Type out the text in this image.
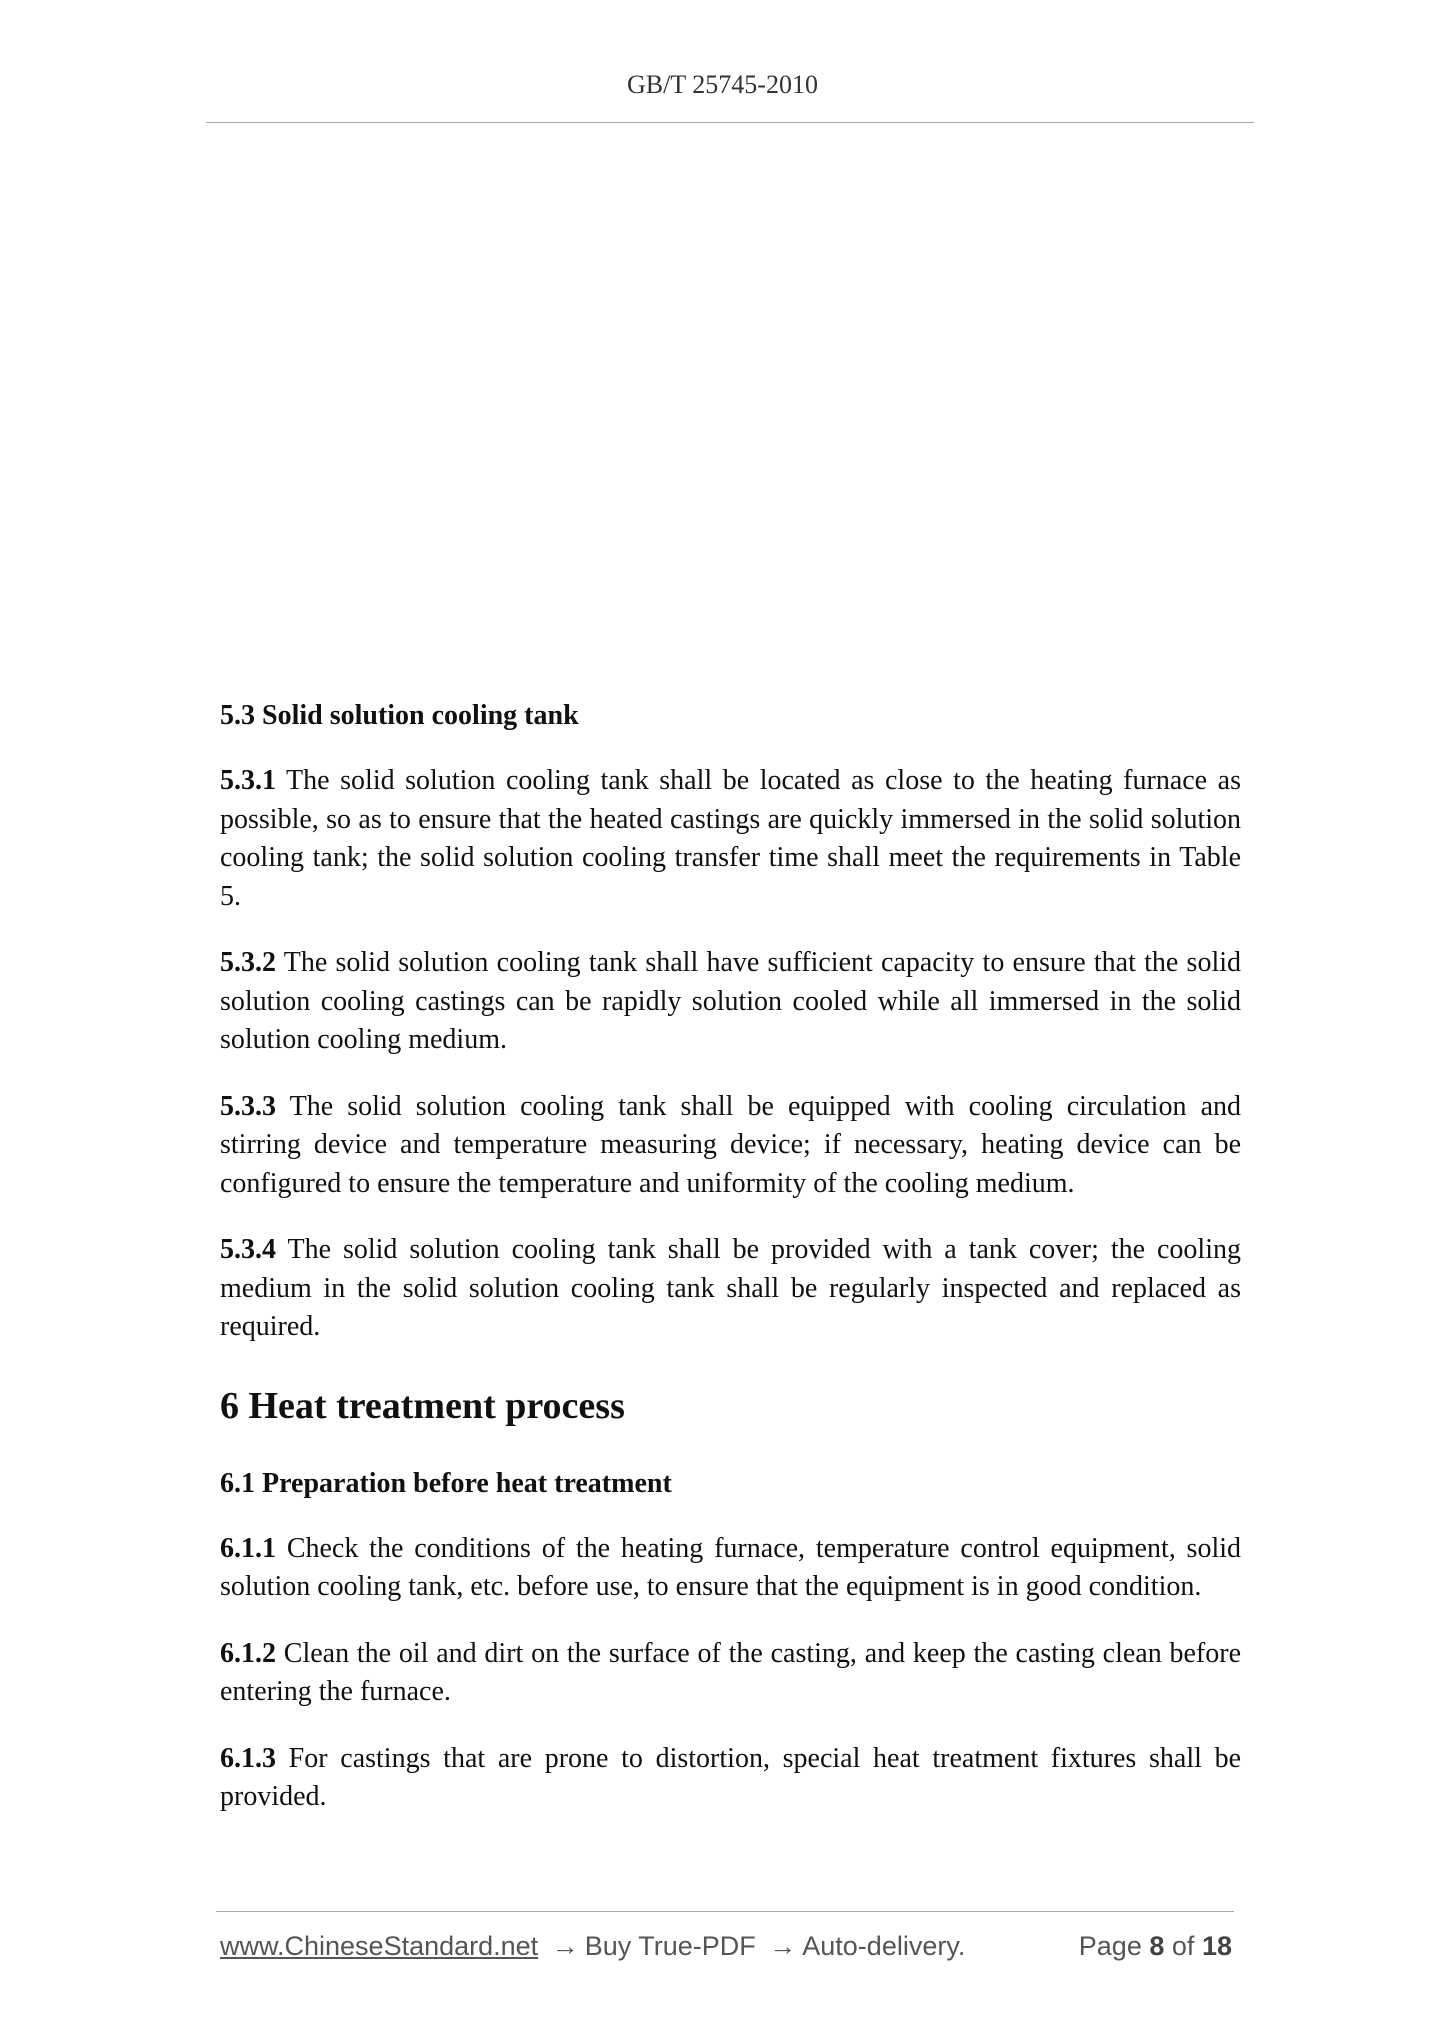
GB/T 25745-2010
5.3 Solid solution cooling tank

5.3.1 The solid solution cooling tank shall be located as close to the heating furnace as possible, so as to ensure that the heated castings are quickly immersed in the solid solution cooling tank; the solid solution cooling transfer time shall meet the requirements in Table 5.

5.3.2 The solid solution cooling tank shall have sufficient capacity to ensure that the solid solution cooling castings can be rapidly solution cooled while all immersed in the solid solution cooling medium.

5.3.3 The solid solution cooling tank shall be equipped with cooling circulation and stirring device and temperature measuring device; if necessary, heating device can be configured to ensure the temperature and uniformity of the cooling medium.

5.3.4 The solid solution cooling tank shall be provided with a tank cover; the cooling medium in the solid solution cooling tank shall be regularly inspected and replaced as required.

6 Heat treatment process
6.1 Preparation before heat treatment

6.1.1 Check the conditions of the heating furnace, temperature control equipment, solid solution cooling tank, etc. before use, to ensure that the equipment is in good condition.

6.1.2 Clean the oil and dirt on the surface of the casting, and keep the casting clean before entering the furnace.

6.1.3 For castings that are prone to distortion, special heat treatment fixtures shall be provided.

www.ChineseStandard.net → Buy True-PDF → Auto-delivery.	Page 8 of 18
